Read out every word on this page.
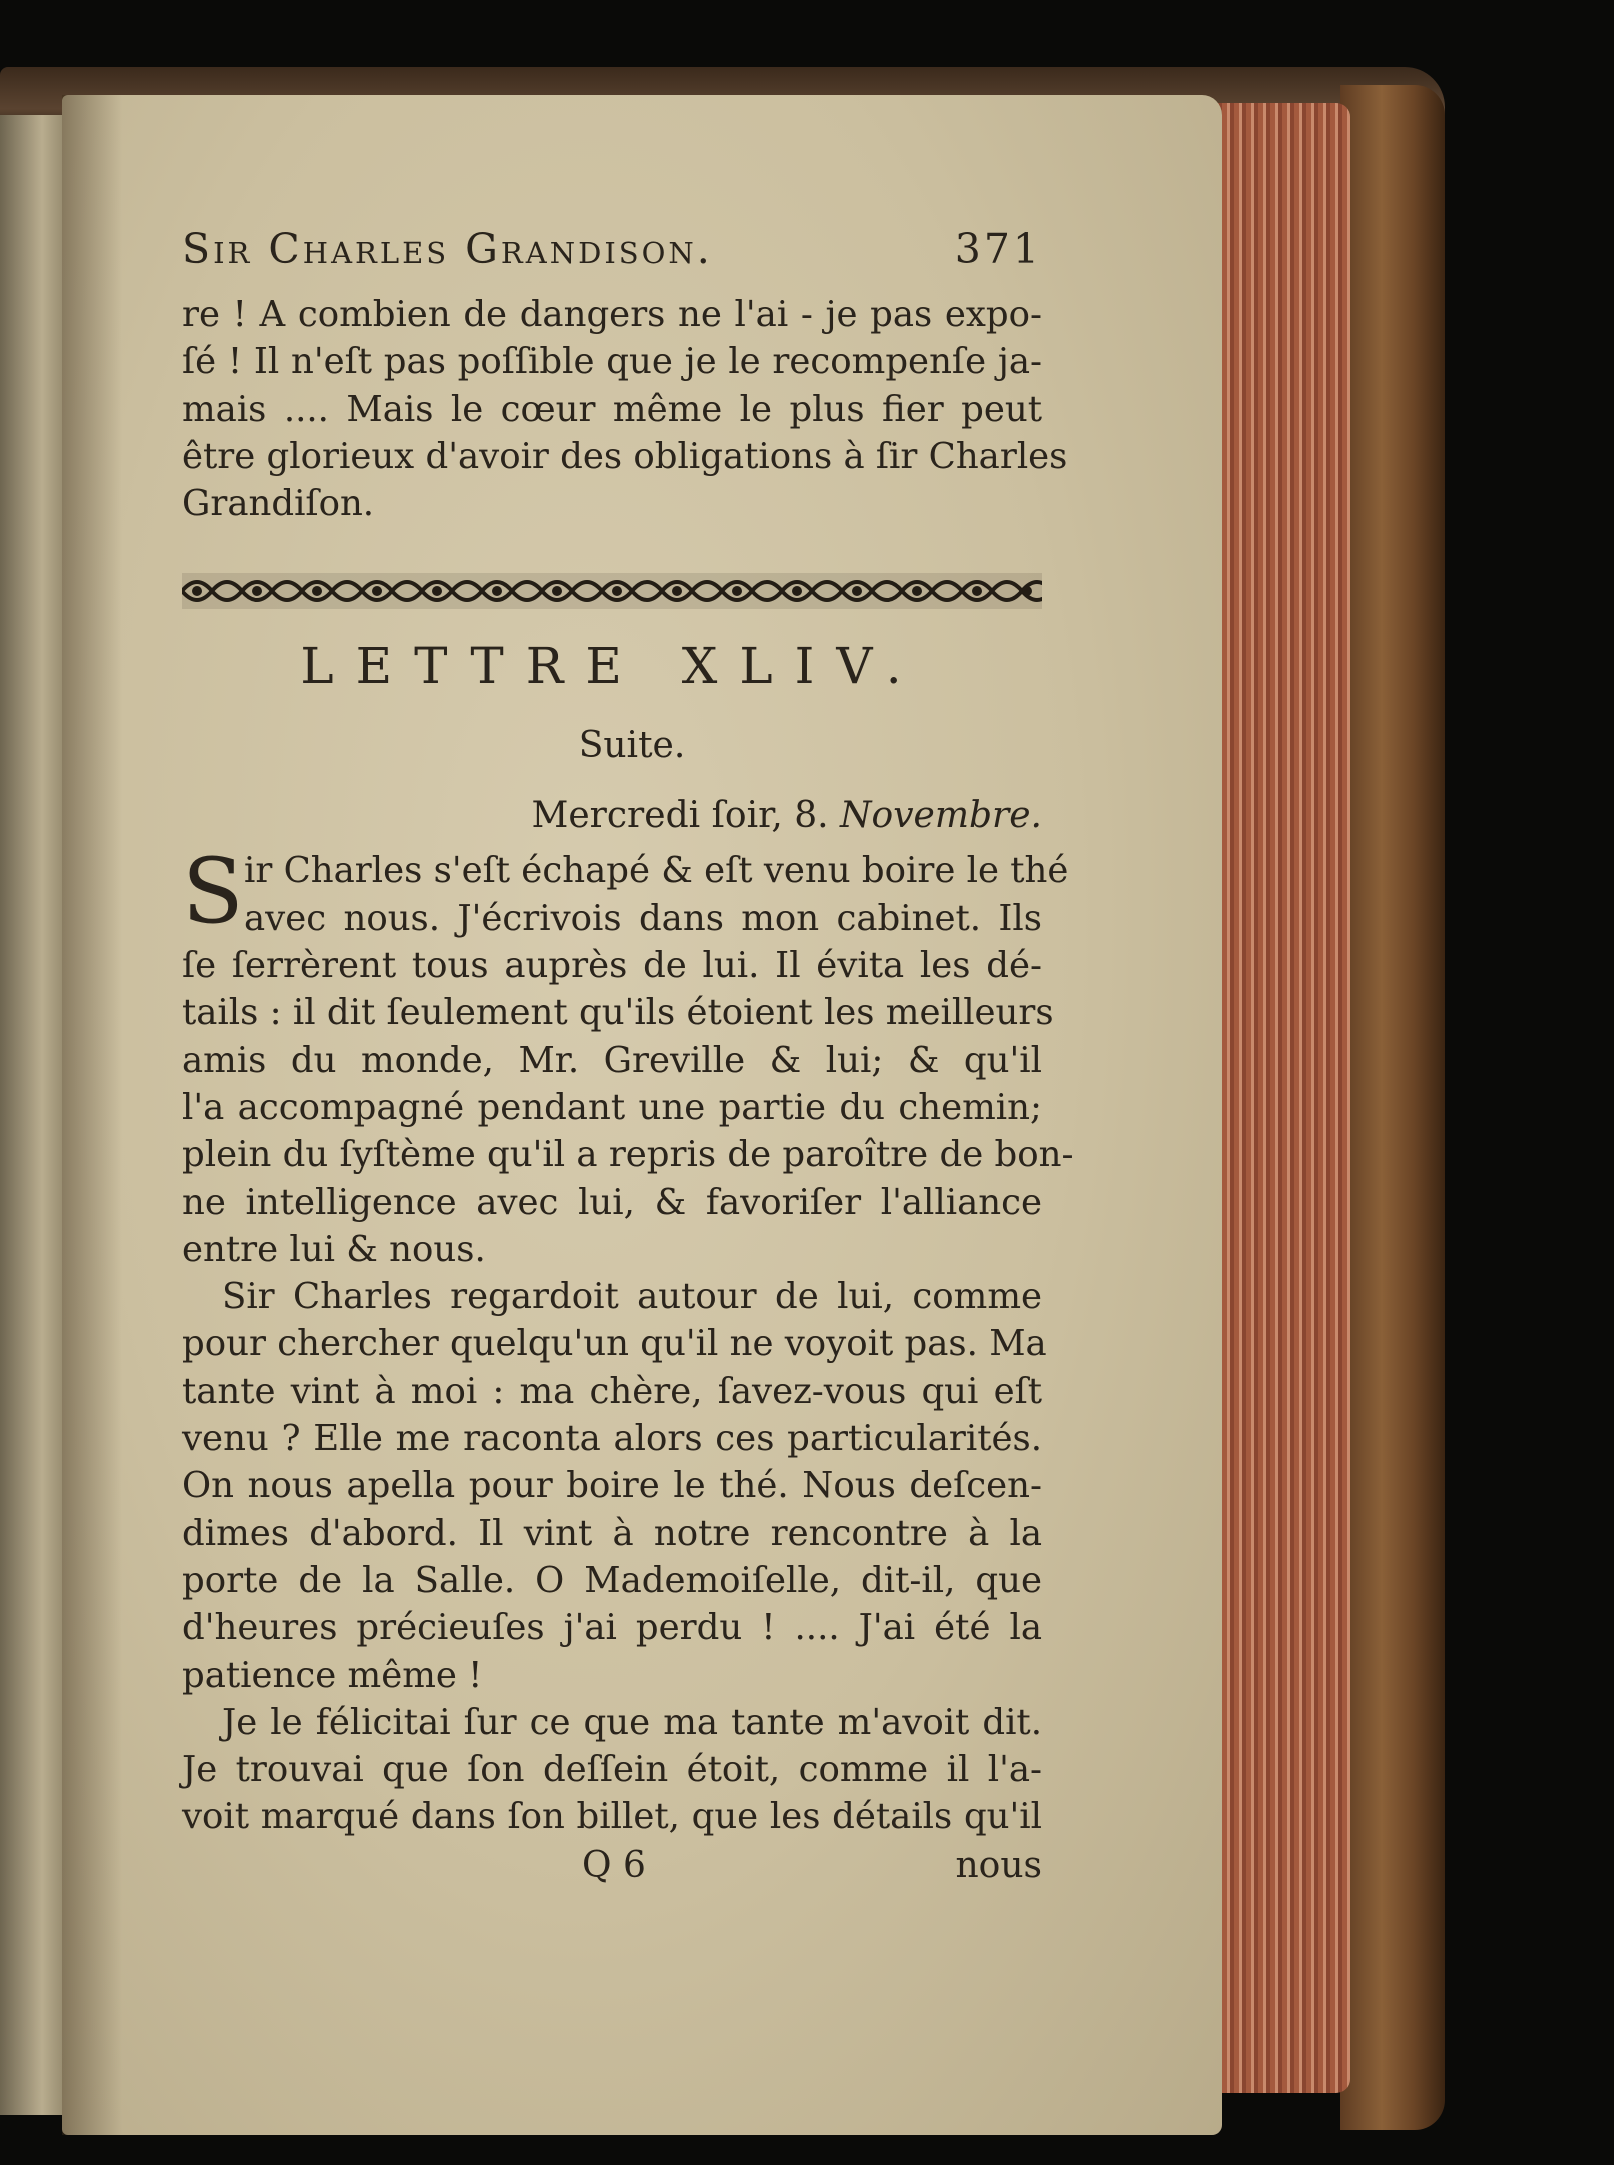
Sir Charles Grandison.	371
re ! A combien de dangers ne l'ai - je pas expo-
ſé ! Il n'eſt pas poſſible que je le recompenſe ja-
mais .... Mais le cœur même le plus fier peut
être glorieux d'avoir des obligations à ſir Charles
Grandiſon.
LETTRE XLIV.
Suite.
Mercredi ſoir, 8. Novembre.
S ir Charles s'eſt échapé & eſt venu boire le thé
avec nous. J'écrivois dans mon cabinet. Ils
ſe ſerrèrent tous auprès de lui. Il évita les dé-
tails : il dit ſeulement qu'ils étoient les meilleurs
amis du monde, Mr. Greville & lui; & qu'il
l'a accompagné pendant une partie du chemin;
plein du ſyſtème qu'il a repris de paroître de bon-
ne intelligence avec lui, & favoriſer l'alliance
entre lui & nous.
Sir Charles regardoit autour de lui, comme
pour chercher quelqu'un qu'il ne voyoit pas. Ma
tante vint à moi : ma chère, ſavez-vous qui eſt
venu ? Elle me raconta alors ces particularités.
On nous apella pour boire le thé. Nous deſcen-
dimes d'abord. Il vint à notre rencontre à la
porte de la Salle. O Mademoiſelle, dit-il, que
d'heures précieuſes j'ai perdu ! .... J'ai été la
patience même !
Je le félicitai ſur ce que ma tante m'avoit dit.
Je trouvai que ſon deſſein étoit, comme il l'a-
voit marqué dans ſon billet, que les détails qu'il
Q 6	nous
